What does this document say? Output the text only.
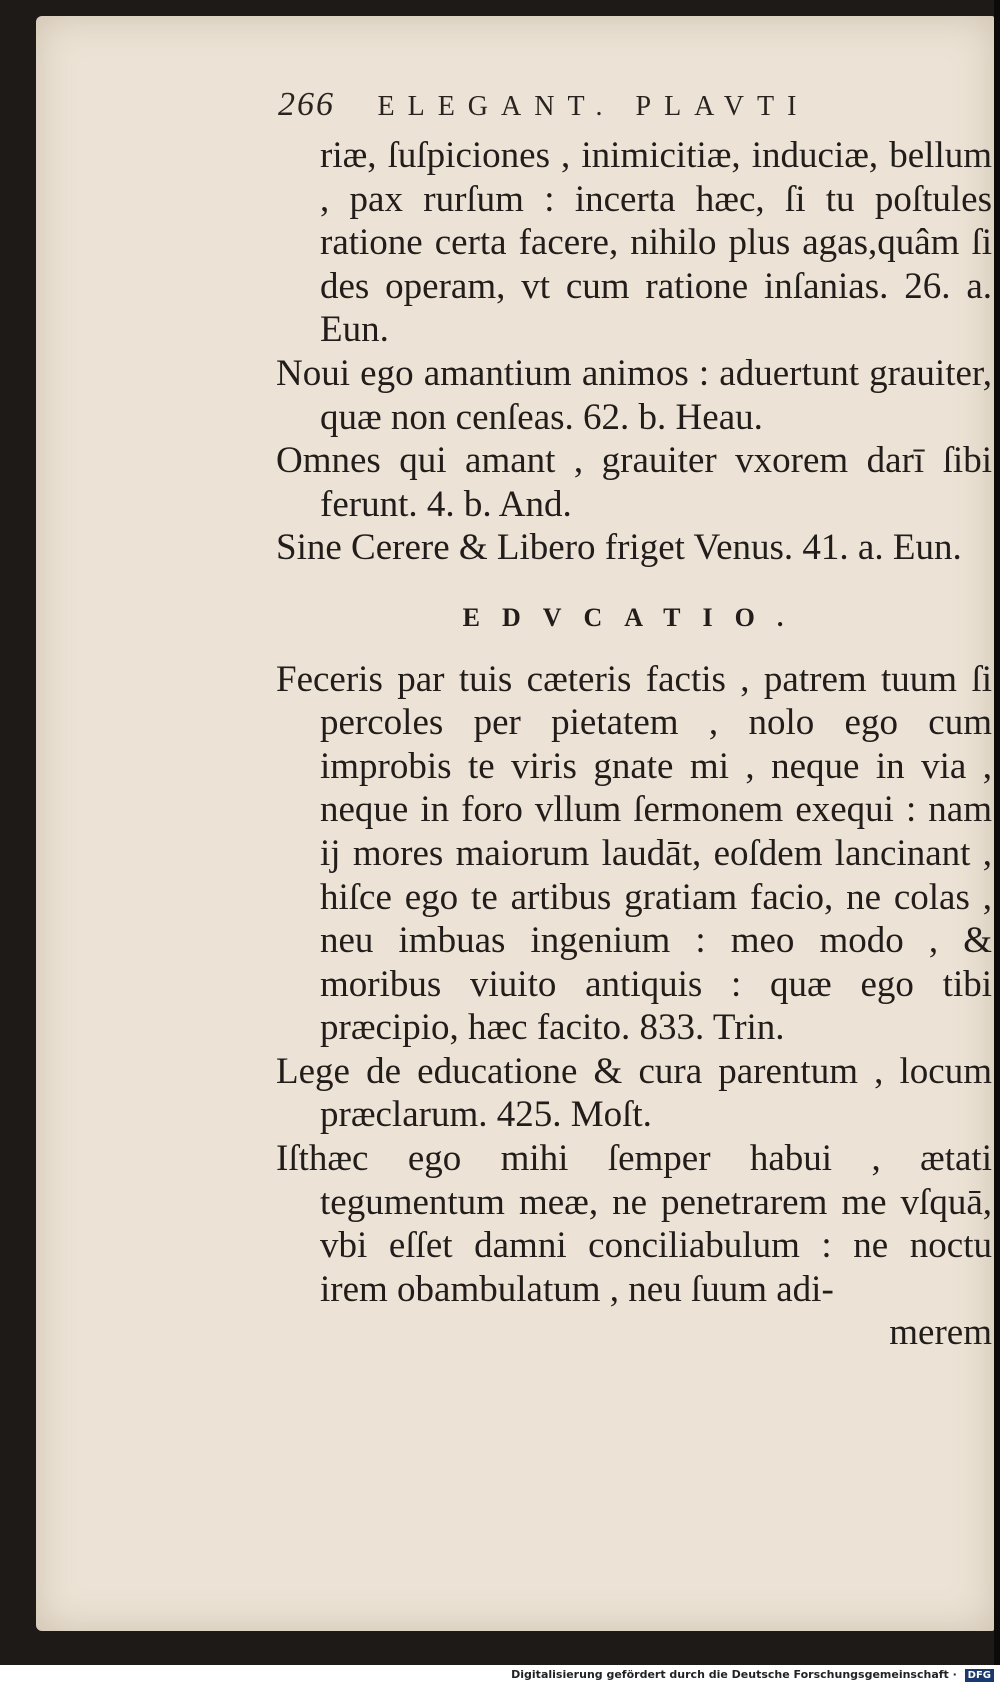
266 ELEGANT. PLAVTI

riæ, ſuſpiciones , inimicitiæ, induciæ, bellum , pax rurſum : incerta hæc, ſi tu poſtules ratione certa facere, nihilo plus agas,quâm ſi des operam, vt cum ratione inſanias. 26. a. Eun.

Noui ego amantium animos : aduertunt grauiter, quæ non cenſeas. 62. b. Heau.

Omnes qui amant , grauiter vxorem darī ſibi ferunt. 4. b. And.

Sine Cerere & Libero friget Venus. 41. a. Eun.

EDVCATIO.

Feceris par tuis cæteris factis , patrem tuum ſi percoles per pietatem , nolo ego cum improbis te viris gnate mi , neque in via , neque in foro vllum ſermonem exequi : nam ij mores maiorum laudāt, eoſdem lancinant , hiſce ego te artibus gratiam facio, ne colas , neu imbuas ingenium : meo modo , & moribus viuito antiquis : quæ ego tibi præcipio, hæc facito. 833. Trin.

Lege de educatione & cura parentum , locum præclarum. 425. Moſt.

Iſthæc ego mihi ſemper habui , ætati tegumentum meæ, ne penetrarem me vſquā, vbi eſſet damni conciliabulum : ne noctu irem obambulatum , neu ſuum adi-

merem

Digitalisierung gefördert durch die Deutsche Forschungsgemeinschaft · DFG
